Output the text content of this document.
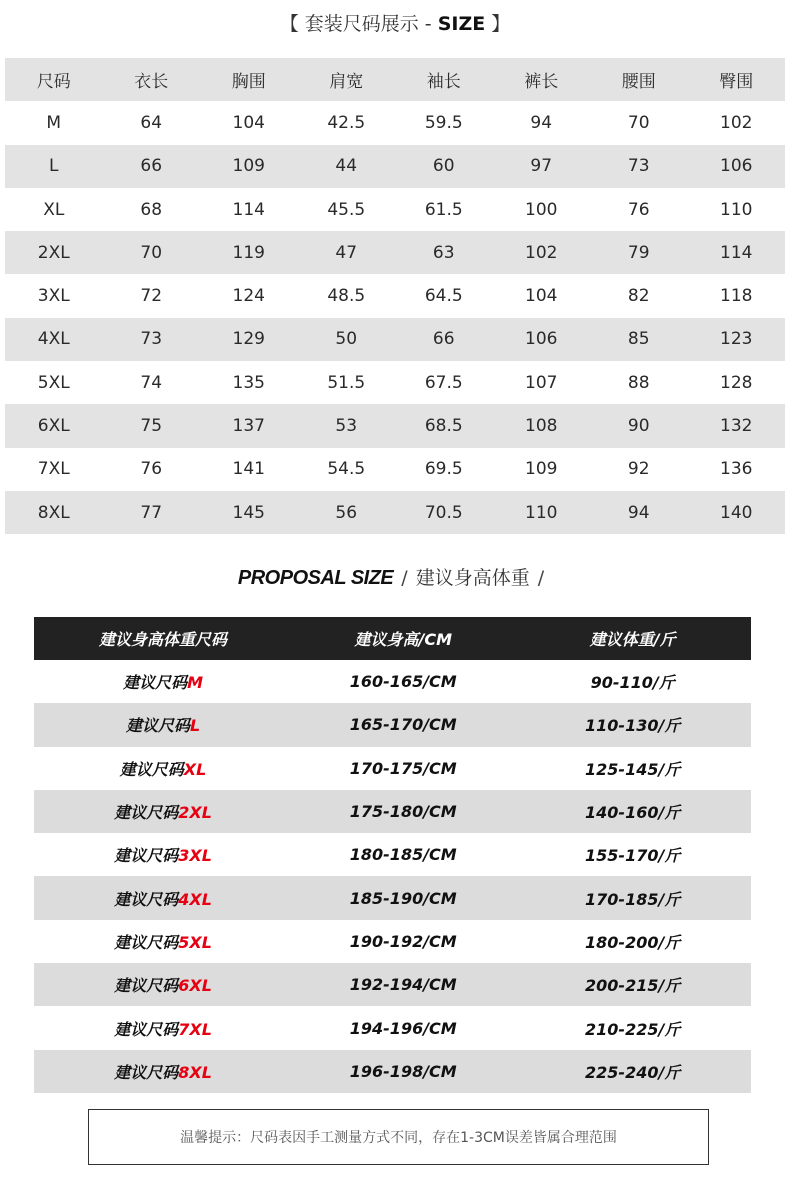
【 套装尺码展示 - SIZE 】
尺码	衣长	胸围	肩宽	袖长	裤长	腰围	臀围
M	64	104	42.5	59.5	94	70	102
L	66	109	44	60	97	73	106
XL	68	114	45.5	61.5	100	76	110
2XL	70	119	47	63	102	79	114
3XL	72	124	48.5	64.5	104	82	118
4XL	73	129	50	66	106	85	123
5XL	74	135	51.5	67.5	107	88	128
6XL	75	137	53	68.5	108	90	132
7XL	76	141	54.5	69.5	109	92	136
8XL	77	145	56	70.5	110	94	140
PROPOSAL SIZE / 建议身高体重 /
建议身高体重尺码	建议身高/CM	建议体重/斤
建议尺码M	160-165/CM	90-110/斤
建议尺码L	165-170/CM	110-130/斤
建议尺码XL	170-175/CM	125-145/斤
建议尺码2XL	175-180/CM	140-160/斤
建议尺码3XL	180-185/CM	155-170/斤
建议尺码4XL	185-190/CM	170-185/斤
建议尺码5XL	190-192/CM	180-200/斤
建议尺码6XL	192-194/CM	200-215/斤
建议尺码7XL	194-196/CM	210-225/斤
建议尺码8XL	196-198/CM	225-240/斤
温馨提示：尺码表因手工测量方式不同，存在1-3CM误差皆属合理范围
